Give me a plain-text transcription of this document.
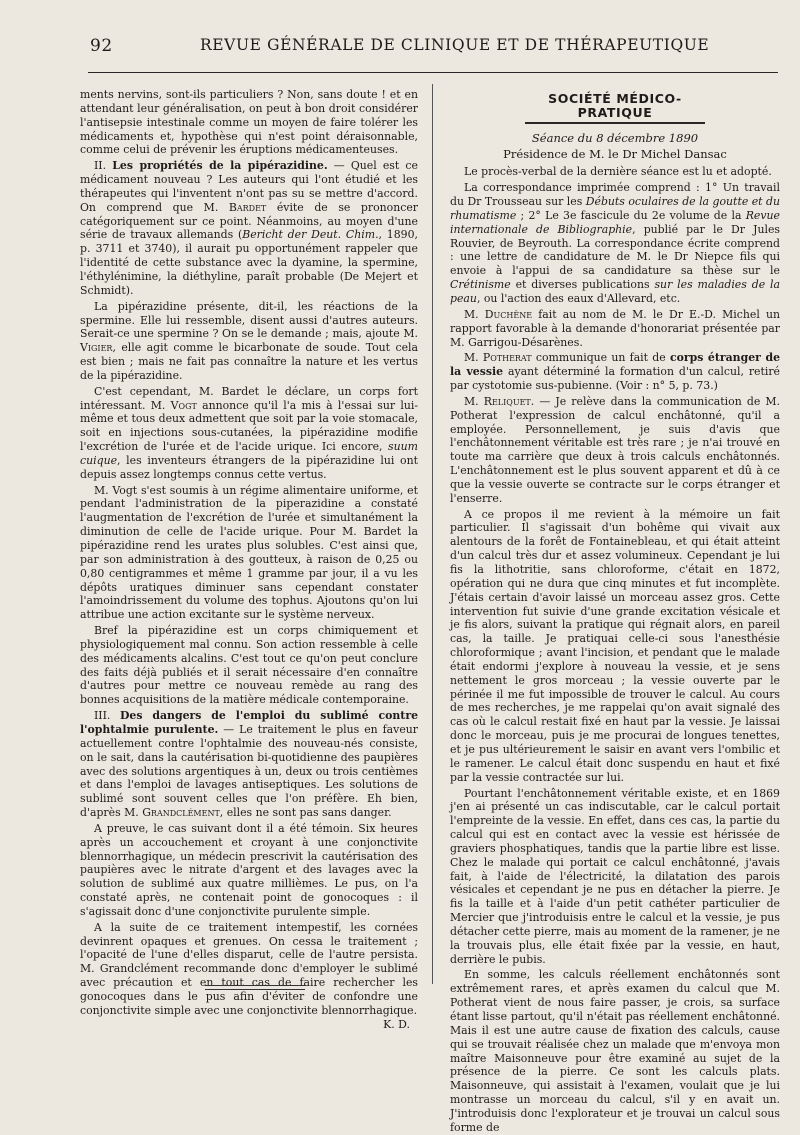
92	REVUE GÉNÉRALE DE CLINIQUE ET DE THÉRAPEUTIQUE

ments nervins, sont-ils particuliers ? Non, sans doute ! et en attendant leur généralisation, on peut à bon droit considérer l'antisepsie intestinale comme un moyen de faire tolérer les médicaments et, hypothèse qui n'est point déraisonnable, comme celui de prévenir les éruptions médicamenteuses.

II. Les propriétés de la pipérazidine. — Quel est ce médicament nouveau ? Les auteurs qui l'ont étudié et les thérapeutes qui l'inventent n'ont pas su se mettre d'accord. On comprend que M. Bardet évite de se prononcer catégoriquement sur ce point. Néanmoins, au moyen d'une série de travaux allemands (Bericht der Deut. Chim., 1890, p. 3711 et 3740), il aurait pu opportunément rappeler que l'identité de cette substance avec la dyamine, la spermine, l'éthylénimine, la diéthyline, paraît probable (De Mejert et Schmidt).

La pipérazidine présente, dit-il, les réactions de la spermine. Elle lui ressemble, disent aussi d'autres auteurs. Serait-ce une spermine ? On se le demande ; mais, ajoute M. Vigier, elle agit comme le bicarbonate de soude. Tout cela est bien ; mais ne fait pas connaître la nature et les vertus de la pipérazidine.

C'est cependant, M. Bardet le déclare, un corps fort intéressant. M. Vogt annonce qu'il l'a mis à l'essai sur lui-même et tous deux admettent que soit par la voie stomacale, soit en injections sous-cutanées, la pipérazidine modifie l'excrétion de l'urée et de l'acide urique. Ici encore, suum cuique, les inventeurs étrangers de la pipérazidine lui ont depuis assez longtemps connus cette vertus.

M. Vogt s'est soumis à un régime alimentaire uniforme, et pendant l'administration de la piperazidine a constaté l'augmentation de l'excrétion de l'urée et simultanément la diminution de celle de l'acide urique. Pour M. Bardet la pipérazidine rend les urates plus solubles. C'est ainsi que, par son administration à des goutteux, à raison de 0,25 ou 0,80 centigrammes et même 1 gramme par jour, il a vu les dépôts uratiques diminuer sans cependant constater l'amoindrissement du volume des tophus. Ajoutons qu'on lui attribue une action excitante sur le système nerveux.

Bref la pipérazidine est un corps chimiquement et physiologiquement mal connu. Son action ressemble à celle des médicaments alcalins. C'est tout ce qu'on peut conclure des faits déjà publiés et il serait nécessaire d'en connaître d'autres pour mettre ce nouveau remède au rang des bonnes acquisitions de la matière médicale contemporaine.

III. Des dangers de l'emploi du sublimé contre l'ophtalmie purulente. — Le traitement le plus en faveur actuellement contre l'ophtalmie des nouveau-nés consiste, on le sait, dans la cautérisation bi-quotidienne des paupières avec des solutions argentiques à un, deux ou trois centièmes et dans l'emploi de lavages antiseptiques. Les solutions de sublimé sont souvent celles que l'on préfère. Eh bien, d'après M. Grandclément, elles ne sont pas sans danger.

A preuve, le cas suivant dont il a été témoin. Six heures après un accouchement et croyant à une conjonctivite blennorrhagique, un médecin prescrivit la cautérisation des paupières avec le nitrate d'argent et des lavages avec la solution de sublimé aux quatre millièmes. Le pus, on l'a constaté après, ne contenait point de gonocoques : il s'agissait donc d'une conjonctivite purulente simple.

A la suite de ce traitement intempestif, les cornées devinrent opaques et grenues. On cessa le traitement ; l'opacité de l'une d'elles disparut, celle de l'autre persista. M. Grandclément recommande donc d'employer le sublimé avec précaution et en tout cas de faire rechercher les gonocoques dans le pus afin d'éviter de confondre une conjonctivite simple avec une conjonctivite blennorrhagique.
K. D.

SOCIÉTÉ MÉDICO-PRATIQUE
Séance du 8 décembre 1890
Présidence de M. le Dr Michel Dansac

Le procès-verbal de la dernière séance est lu et adopté.

La correspondance imprimée comprend : 1° Un travail du Dr Trousseau sur les Débuts oculaires de la goutte et du rhumatisme ; 2° Le 3e fascicule du 2e volume de la Revue internationale de Bibliographie, publié par le Dr Jules Rouvier, de Beyrouth. La correspondance écrite comprend : une lettre de candidature de M. le Dr Niepce fils qui envoie à l'appui de sa candidature sa thèse sur le Crétinisme et diverses publications sur les maladies de la peau, ou l'action des eaux d'Allevard, etc.

M. Duchêne fait au nom de M. le Dr E.-D. Michel un rapport favorable à la demande d'honorariat présentée par M. Garrigou-Désarènes.

M. Potherat communique un fait de corps étranger de la vessie ayant déterminé la formation d'un calcul, retiré par cystotomie sus-pubienne. (Voir : n° 5, p. 73.)

M. Reliquet. — Je relève dans la communication de M. Potherat l'expression de calcul enchâtonné, qu'il a employée. Personnellement, je suis d'avis que l'enchâtonnement véritable est très rare ; je n'ai trouvé en toute ma carrière que deux à trois calculs enchâtonnés. L'enchâtonnement est le plus souvent apparent et dû à ce que la vessie ouverte se contracte sur le corps étranger et l'enserre.

A ce propos il me revient à la mémoire un fait particulier. Il s'agissait d'un bohême qui vivait aux alentours de la forêt de Fontainebleau, et qui était atteint d'un calcul très dur et assez volumineux. Cependant je lui fis la lithotritie, sans chloroforme, c'était en 1872, opération qui ne dura que cinq minutes et fut incomplète. J'étais certain d'avoir laissé un morceau assez gros. Cette intervention fut suivie d'une grande excitation vésicale et je fis alors, suivant la pratique qui régnait alors, en pareil cas, la taille. Je pratiquai celle-ci sous l'anesthésie chloroformique ; avant l'incision, et pendant que le malade était endormi j'explore à nouveau la vessie, et je sens nettement le gros morceau ; la vessie ouverte par le périnée il me fut impossible de trouver le calcul. Au cours de mes recherches, je me rappelai qu'on avait signalé des cas où le calcul restait fixé en haut par la vessie. Je laissai donc le morceau, puis je me procurai de longues tenettes, et je pus ultérieurement le saisir en avant vers l'ombilic et le ramener. Le calcul était donc suspendu en haut et fixé par la vessie contractée sur lui.

Pourtant l'enchâtonnement véritable existe, et en 1869 j'en ai présenté un cas indiscutable, car le calcul portait l'empreinte de la vessie. En effet, dans ces cas, la partie du calcul qui est en contact avec la vessie est hérissée de graviers phosphatiques, tandis que la partie libre est lisse. Chez le malade qui portait ce calcul enchâtonné, j'avais fait, à l'aide de l'électricité, la dilatation des parois vésicales et cependant je ne pus en détacher la pierre. Je fis la taille et à l'aide d'un petit cathéter particulier de Mercier que j'introduisis entre le calcul et la vessie, je pus détacher cette pierre, mais au moment de la ramener, je ne la trouvais plus, elle était fixée par la vessie, en haut, derrière le pubis.

En somme, les calculs réellement enchâtonnés sont extrêmement rares, et après examen du calcul que M. Potherat vient de nous faire passer, je crois, sa surface étant lisse partout, qu'il n'était pas réellement enchâtonné. Mais il est une autre cause de fixation des calculs, cause qui se trouvait réalisée chez un malade que m'envoya mon maître Maisonneuve pour être examiné au sujet de la présence de la pierre. Ce sont les calculs plats. Maisonneuve, qui assistait à l'examen, voulait que je lui montrasse un morceau du calcul, s'il y en avait un. J'introduisis donc l'explorateur et je trouvai un calcul sous forme de
